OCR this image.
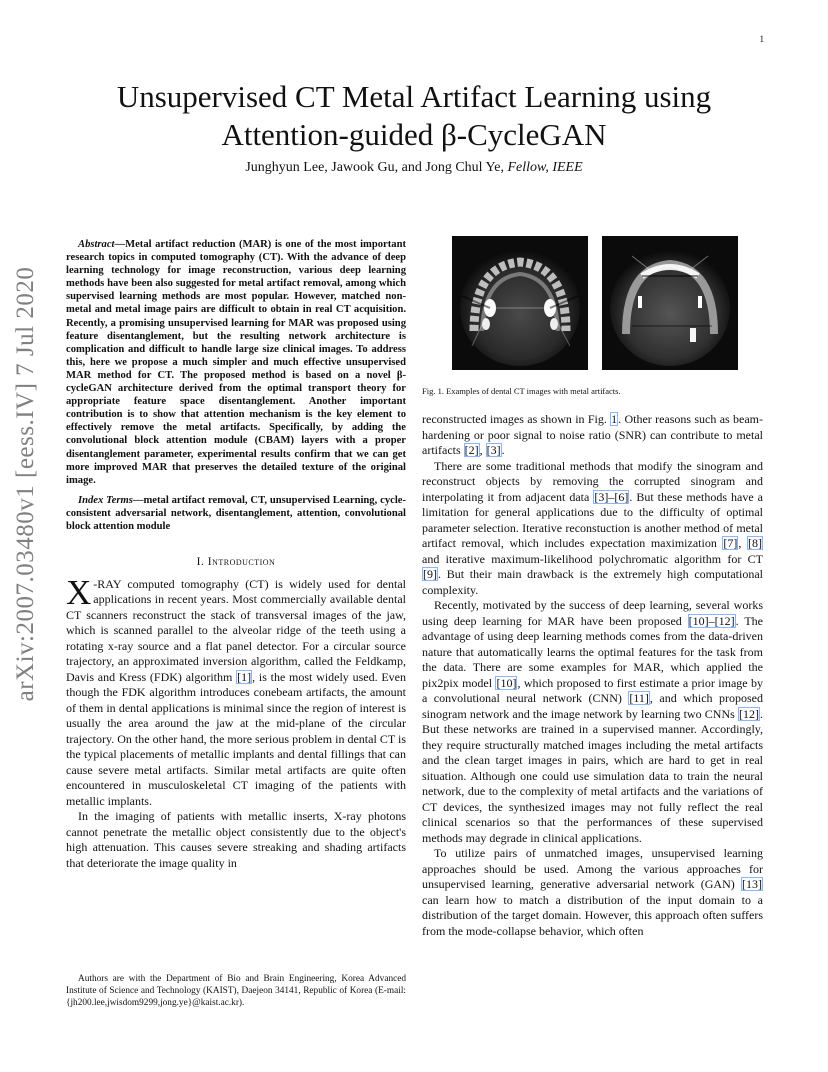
1
arXiv:2007.03480v1 [eess.IV] 7 Jul 2020
Unsupervised CT Metal Artifact Learning using
Attention-guided β-CycleGAN
Junghyun Lee, Jawook Gu, and Jong Chul Ye, Fellow, IEEE

Abstract—Metal artifact reduction (MAR) is one of the most important research topics in computed tomography (CT). With the advance of deep learning technology for image reconstruction, various deep learning methods have been also suggested for metal artifact removal, among which supervised learning methods are most popular. However, matched non-metal and metal image pairs are difficult to obtain in real CT acquisition. Recently, a promising unsupervised learning for MAR was proposed using feature disentanglement, but the resulting network architecture is complication and difficult to handle large size clinical images. To address this, here we propose a much simpler and much effective unsupervised MAR method for CT. The proposed method is based on a novel β-cycleGAN architecture derived from the optimal transport theory for appropriate feature space disentanglement. Another important contribution is to show that attention mechanism is the key element to effectively remove the metal artifacts. Specifically, by adding the convolutional block attention module (CBAM) layers with a proper disentanglement parameter, experimental results confirm that we can get more improved MAR that preserves the detailed texture of the original image.

Index Terms—metal artifact removal, CT, unsupervised Learning, cycle-consistent adversarial network, disentanglement, attention, convolutional block attention module

I. Introduction

X -RAY computed tomography (CT) is widely used for dental applications in recent years. Most commercially available dental CT scanners reconstruct the stack of transversal images of the jaw, which is scanned parallel to the alveolar ridge of the teeth using a rotating x-ray source and a flat panel detector. For a circular source trajectory, an approximated inversion algorithm, called the Feldkamp, Davis and Kress (FDK) algorithm [1], is the most widely used. Even though the FDK algorithm introduces conebeam artifacts, the amount of them in dental applications is minimal since the region of interest is usually the area around the jaw at the mid-plane of the circular trajectory. On the other hand, the more serious problem in dental CT is the typical placements of metallic implants and dental fillings that can cause severe metal artifacts. Similar metal artifacts are quite often encountered in musculoskeletal CT imaging of the patients with metallic implants.

In the imaging of patients with metallic inserts, X-ray photons cannot penetrate the metallic object consistently due to the object's high attenuation. This causes severe streaking and shading artifacts that deteriorate the image quality in

Authors are with the Department of Bio and Brain Engineering, Korea Advanced Institute of Science and Technology (KAIST), Daejeon 34141, Republic of Korea (E-mail: {jh200.lee,jwisdom9299,jong.ye}@kaist.ac.kr).
Fig. 1. Examples of dental CT images with metal artifacts.

reconstructed images as shown in Fig. 1. Other reasons such as beam-hardening or poor signal to noise ratio (SNR) can contribute to metal artifacts [2], [3].

There are some traditional methods that modify the sinogram and reconstruct objects by removing the corrupted sinogram and interpolating it from adjacent data [3]–[6]. But these methods have a limitation for general applications due to the difficulty of optimal parameter selection. Iterative reconstuction is another method of metal artifact removal, which includes expectation maximization [7], [8] and iterative maximum-likelihood polychromatic algorithm for CT [9]. But their main drawback is the extremely high computational complexity.

Recently, motivated by the success of deep learning, several works using deep learning for MAR have been proposed [10]–[12]. The advantage of using deep learning methods comes from the data-driven nature that automatically learns the optimal features for the task from the data. There are some examples for MAR, which applied the pix2pix model [10], which proposed to first estimate a prior image by a convolutional neural network (CNN) [11], and which proposed sinogram network and the image network by learning two CNNs [12]. But these networks are trained in a supervised manner. Accordingly, they require structurally matched images including the metal artifacts and the clean target images in pairs, which are hard to get in real situation. Although one could use simulation data to train the neural network, due to the complexity of metal artifacts and the variations of CT devices, the synthesized images may not fully reflect the real clinical scenarios so that the performances of these supervised methods may degrade in clinical applications.

To utilize pairs of unmatched images, unsupervised learning approaches should be used. Among the various approaches for unsupervised learning, generative adversarial network (GAN) [13] can learn how to match a distribution of the input domain to a distribution of the target domain. However, this approach often suffers from the mode-collapse behavior, which often
